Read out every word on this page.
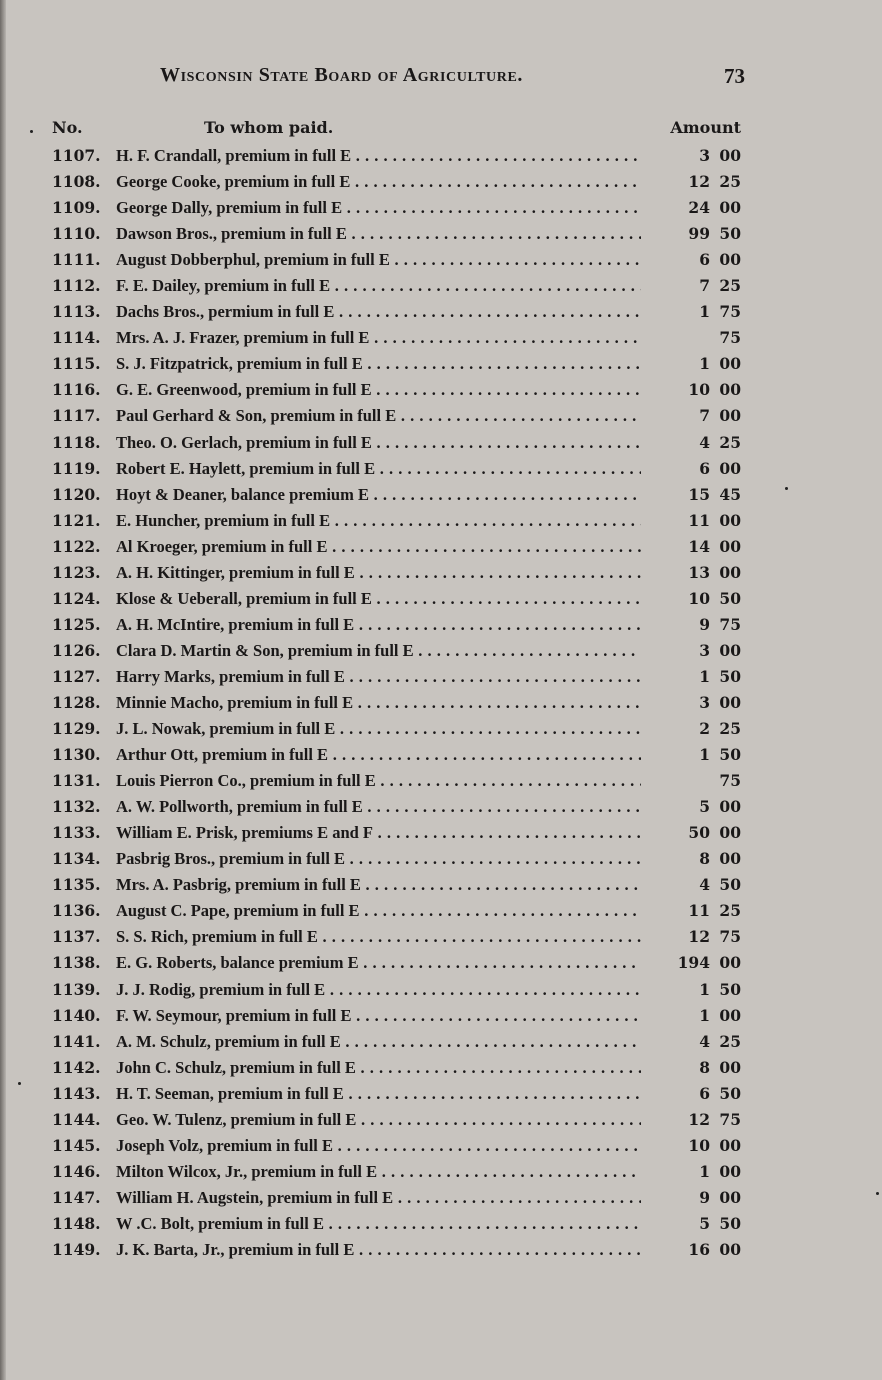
Wisconsin State Board of Agriculture.	73
No.	To whom paid.	Amount
1107. H. F. Crandall, premium in full E . . .	3 00
1108. George Cooke, premium in full E . . .	12 25
1109. George Dally, premium in full E . . .	24 00
1110. Dawson Bros., premium in full E . . .	99 50
1111. August Dobberphul, premium in full E . . .	6 00
1112. F. E. Dailey, premium in full E . . .	7 25
1113. Dachs Bros., permium in full E . . .	1 75
1114. Mrs. A. J. Frazer, premium in full E . . .	75
1115. S. J. Fitzpatrick, premium in full E . . .	1 00
1116. G. E. Greenwood, premium in full E . . .	10 00
1117. Paul Gerhard & Son, premium in full E . . .	7 00
1118. Theo. O. Gerlach, premium in full E . . .	4 25
1119. Robert E. Haylett, premium in full E . . .	6 00
1120. Hoyt & Deaner, balance premium E . . .	15 45
1121. E. Huncher, premium in full E . . .	11 00
1122. Al Kroeger, premium in full E . . .	14 00
1123. A. H. Kittinger, premium in full E . . .	13 00
1124. Klose & Ueberall, premium in full E . . .	10 50
1125. A. H. McIntire, premium in full E . . .	9 75
1126. Clara D. Martin & Son, premium in full E . . .	3 00
1127. Harry Marks, premium in full E . . .	1 50
1128. Minnie Macho, premium in full E . . .	3 00
1129. J. L. Nowak, premium in full E . . .	2 25
1130. Arthur Ott, premium in full E . . .	1 50
1131. Louis Pierron Co., premium in full E . . .	75
1132. A. W. Pollworth, premium in full E . . .	5 00
1133. William E. Prisk, premiums E and F . . .	50 00
1134. Pasbrig Bros., premium in full E . . .	8 00
1135. Mrs. A. Pasbrig, premium in full E . . .	4 50
1136. August C. Pape, premium in full E . . .	11 25
1137. S. S. Rich, premium in full E . . .	12 75
1138. E. G. Roberts, balance premium E . . .	194 00
1139. J. J. Rodig, premium in full E . . .	1 50
1140. F. W. Seymour, premium in full E . . .	1 00
1141. A. M. Schulz, premium in full E . . .	4 25
1142. John C. Schulz, premium in full E . . .	8 00
1143. H. T. Seeman, premium in full E . . .	6 50
1144. Geo. W. Tulenz, premium in full E . . .	12 75
1145. Joseph Volz, premium in full E . . .	10 00
1146. Milton Wilcox, Jr., premium in full E . . .	1 00
1147. William H. Augstein, premium in full E . . .	9 00
1148. W .C. Bolt, premium in full E . . .	5 50
1149. J. K. Barta, Jr., premium in full E . . .	16 00
